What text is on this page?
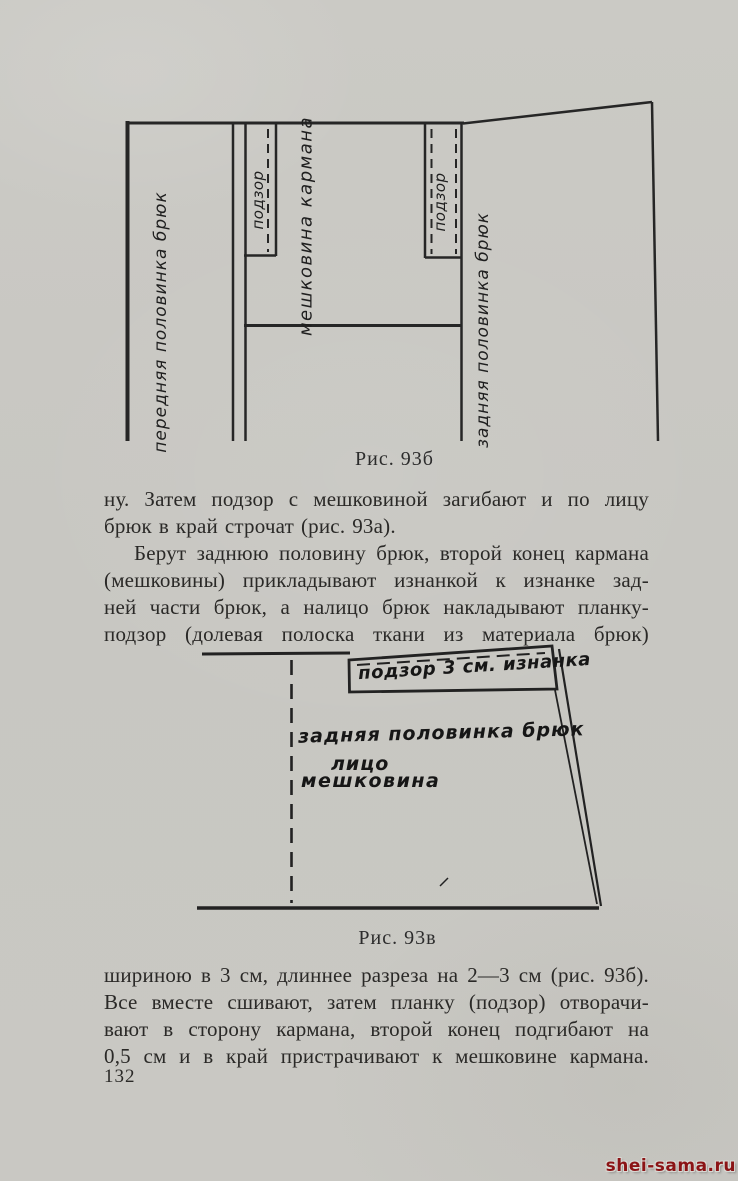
передняя половинка брюк	подзор мешковина кармана	подзор
задняя половинка брюк
Рис. 93б
ну. Затем подзор с мешковиной загибают и по лицу
брюк в край строчат (рис. 93а).
Берут заднюю половину брюк, второй конец кармана
(мешковины) прикладывают изнанкой к изнанке зад-
ней части брюк, а налицо брюк накладывают планку-
подзор (долевая полоска ткани из материала брюк)
подзор 3 см. изнанка
задняя половинка брюк
лицо
мешковина
Рис. 93в
шириною в 3 см, длиннее разреза на 2—3 см (рис. 93б).
Все вместе сшивают, затем планку (подзор) отворачи-
вают в сторону кармана, второй конец подгибают на
0,5 см и в край пристрачивают к мешковине кармана.
132
shei-sama.ru
